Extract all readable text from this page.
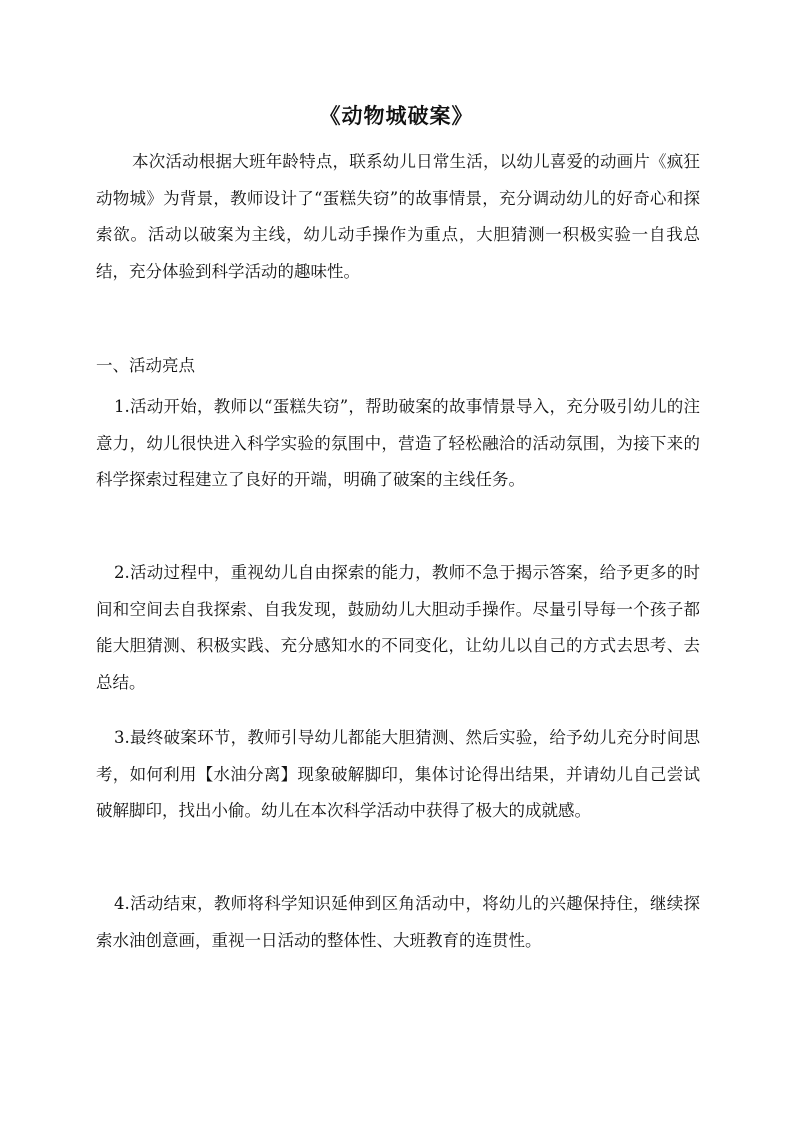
《动物城破案》
本次活动根据大班年龄特点，联系幼儿日常生活，以幼儿喜爱的动画片《疯狂动物城》为背景，教师设计了“蛋糕失窃”的故事情景，充分调动幼儿的好奇心和探索欲。活动以破案为主线，幼儿动手操作为重点，大胆猜测一积极实验一自我总结，充分体验到科学活动的趣味性。
一、活动亮点
1.活动开始，教师以“蛋糕失窃”，帮助破案的故事情景导入，充分吸引幼儿的注意力，幼儿很快进入科学实验的氛围中，营造了轻松融洽的活动氛围，为接下来的科学探索过程建立了良好的开端，明确了破案的主线任务。
2.活动过程中，重视幼儿自由探索的能力，教师不急于揭示答案，给予更多的时间和空间去自我探索、自我发现，鼓励幼儿大胆动手操作。尽量引导每一个孩子都能大胆猜测、积极实践、充分感知水的不同变化，让幼儿以自己的方式去思考、去总结。
3.最终破案环节，教师引导幼儿都能大胆猜测、然后实验，给予幼儿充分时间思考，如何利用【水油分离】现象破解脚印，集体讨论得出结果，并请幼儿自己尝试破解脚印，找出小偷。幼儿在本次科学活动中获得了极大的成就感。
4.活动结束，教师将科学知识延伸到区角活动中，将幼儿的兴趣保持住，继续探索水油创意画，重视一日活动的整体性、大班教育的连贯性。
